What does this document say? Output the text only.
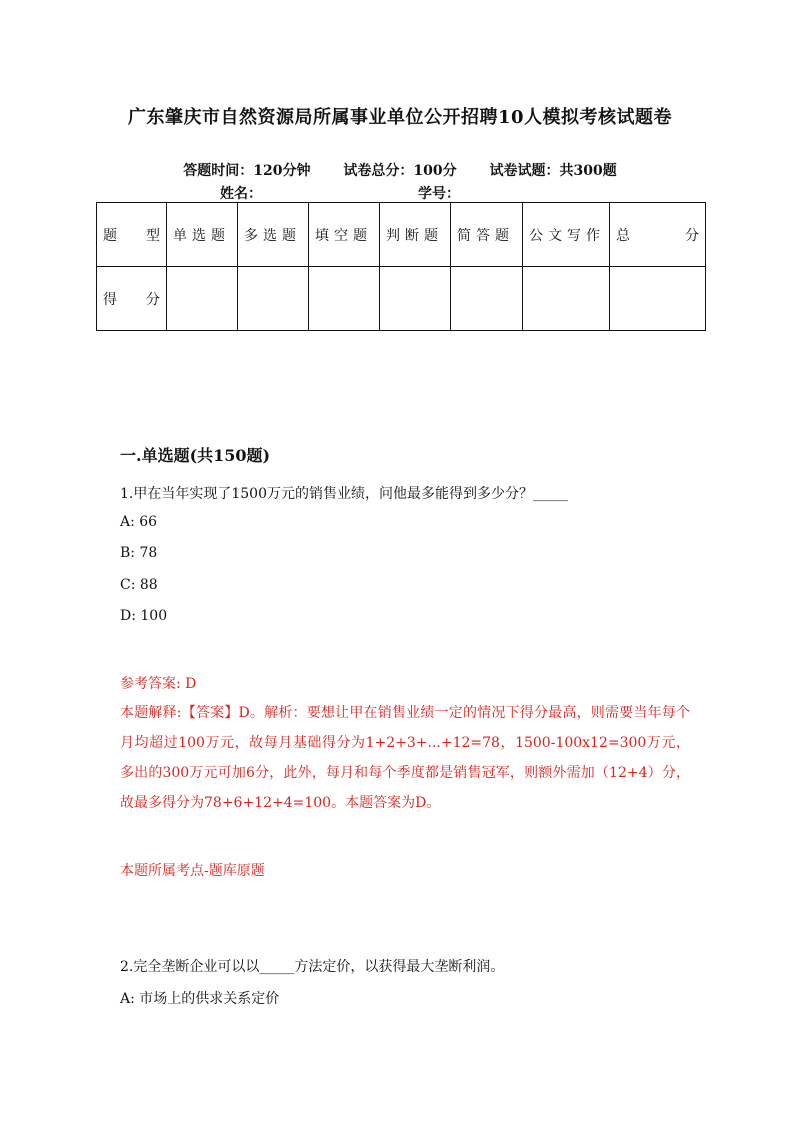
广东肇庆市自然资源局所属事业单位公开招聘10人模拟考核试题卷
答题时间：120分钟 试卷总分：100分 试卷试题：共300题
姓名：	学号：
题 型	单选题	多选题	填空题	判断题	简答题	公文写作	总 分

得 分							

一.单选题(共150题)
1.甲在当年实现了1500万元的销售业绩，问他最多能得到多少分？_____
A: 66
B: 78
C: 88
D: 100
参考答案: D
本题解释:【答案】D。解析：要想让甲在销售业绩一定的情况下得分最高，则需要当年每个月均超过100万元，故每月基础得分为1+2+3+...+12=78，1500-100x12=300万元，多出的300万元可加6分，此外，每月和每个季度都是销售冠军，则额外需加（12+4）分，故最多得分为78+6+12+4=100。本题答案为D。
本题所属考点-题库原题
2.完全垄断企业可以以_____方法定价，以获得最大垄断利润。
A: 市场上的供求关系定价
